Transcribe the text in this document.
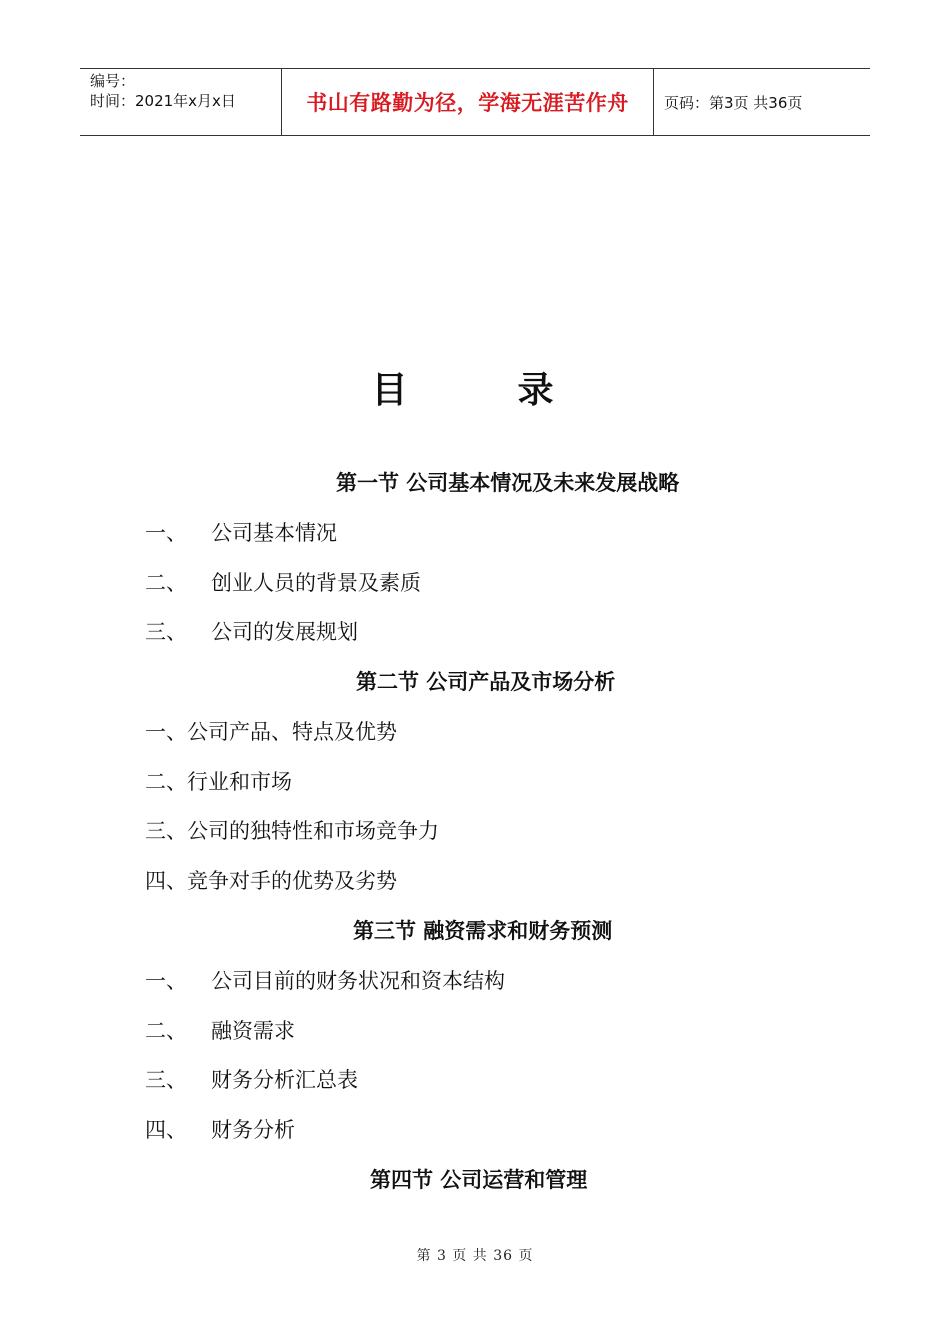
编号：
时间：2021年x月x日	书山有路勤为径，学海无涯苦作舟 页码：第3页 共36页
目录
第一节 公司基本情况及未来发展战略
一、 公司基本情况
二、 创业人员的背景及素质
三、 公司的发展规划
第二节 公司产品及市场分析
一、公司产品、特点及优势
二、行业和市场
三、公司的独特性和市场竞争力
四、竞争对手的优势及劣势
第三节 融资需求和财务预测
一、 公司目前的财务状况和资本结构
二、 融资需求
三、 财务分析汇总表
四、 财务分析
第四节 公司运营和管理
第 3 页 共 36 页
